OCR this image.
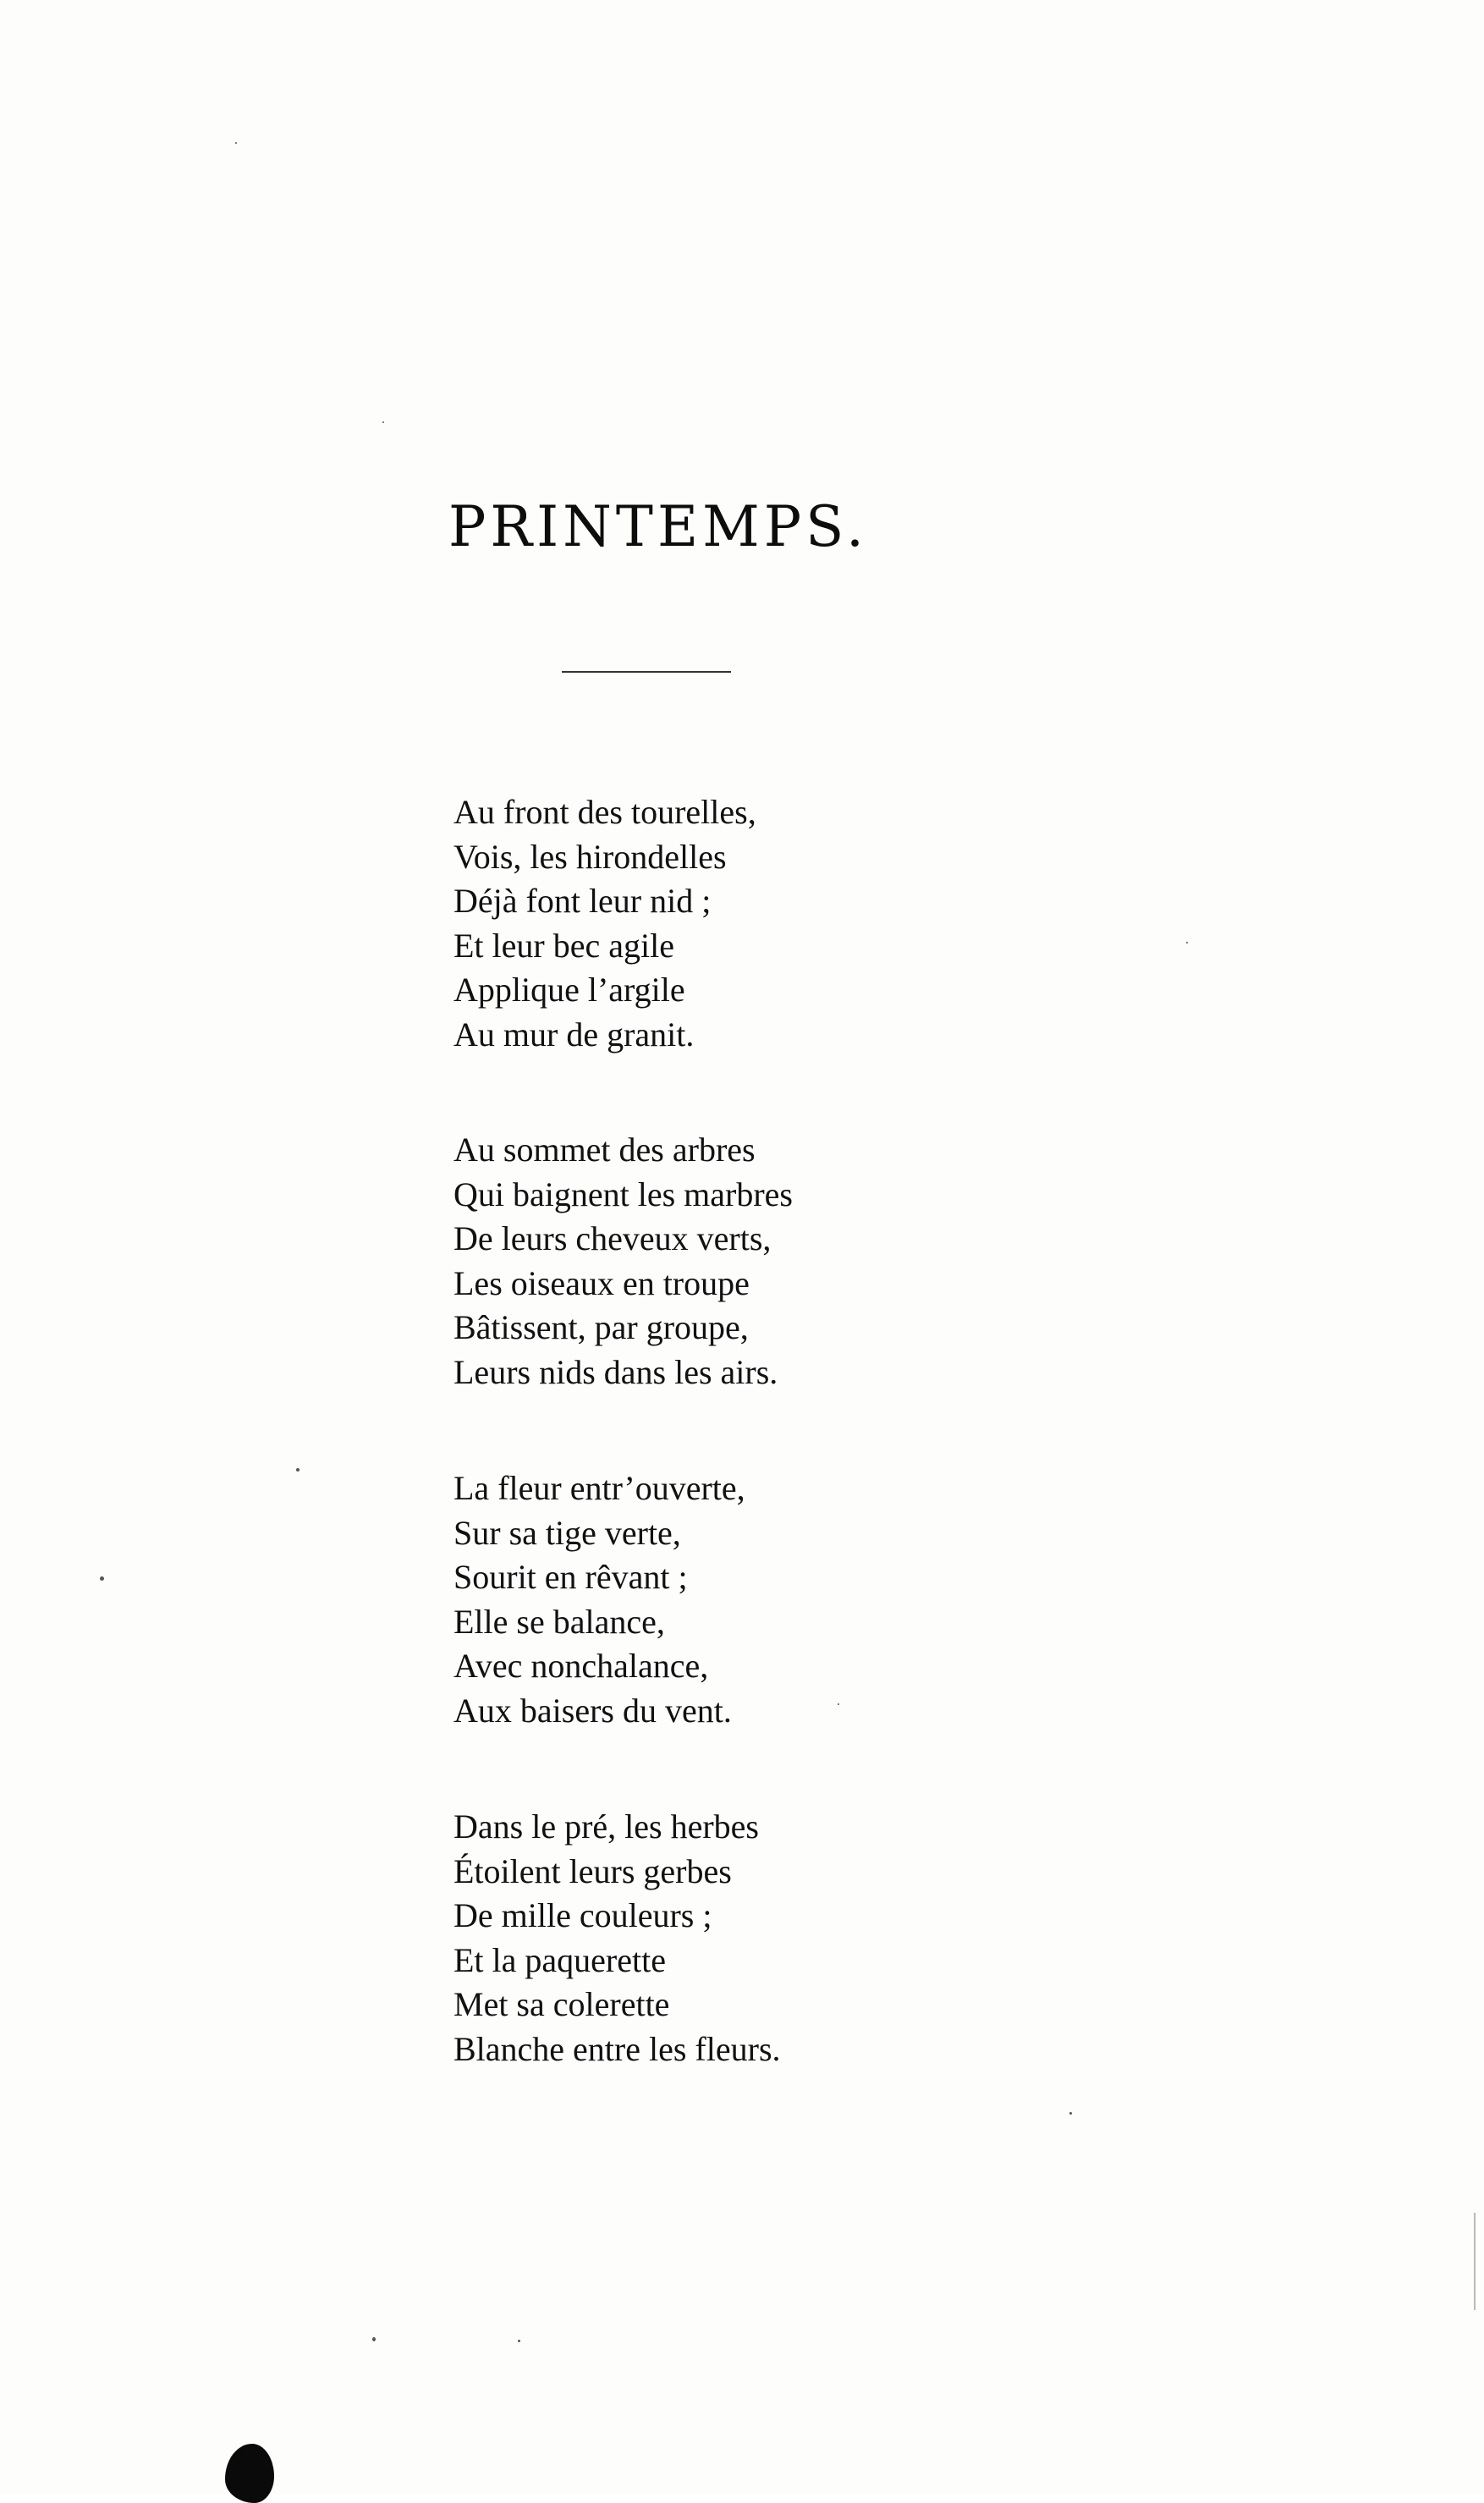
PRINTEMPS.
Au front des tourelles,
Vois, les hirondelles
Déjà font leur nid ;
Et leur bec agile
Applique l’argile
Au mur de granit.
Au sommet des arbres
Qui baignent les marbres
De leurs cheveux verts,
Les oiseaux en troupe
Bâtissent, par groupe,
Leurs nids dans les airs.
La fleur entr’ouverte,
Sur sa tige verte,
Sourit en rêvant ;
Elle se balance,
Avec nonchalance,
Aux baisers du vent.
Dans le pré, les herbes
Étoilent leurs gerbes
De mille couleurs ;
Et la paquerette
Met sa colerette
Blanche entre les fleurs.
